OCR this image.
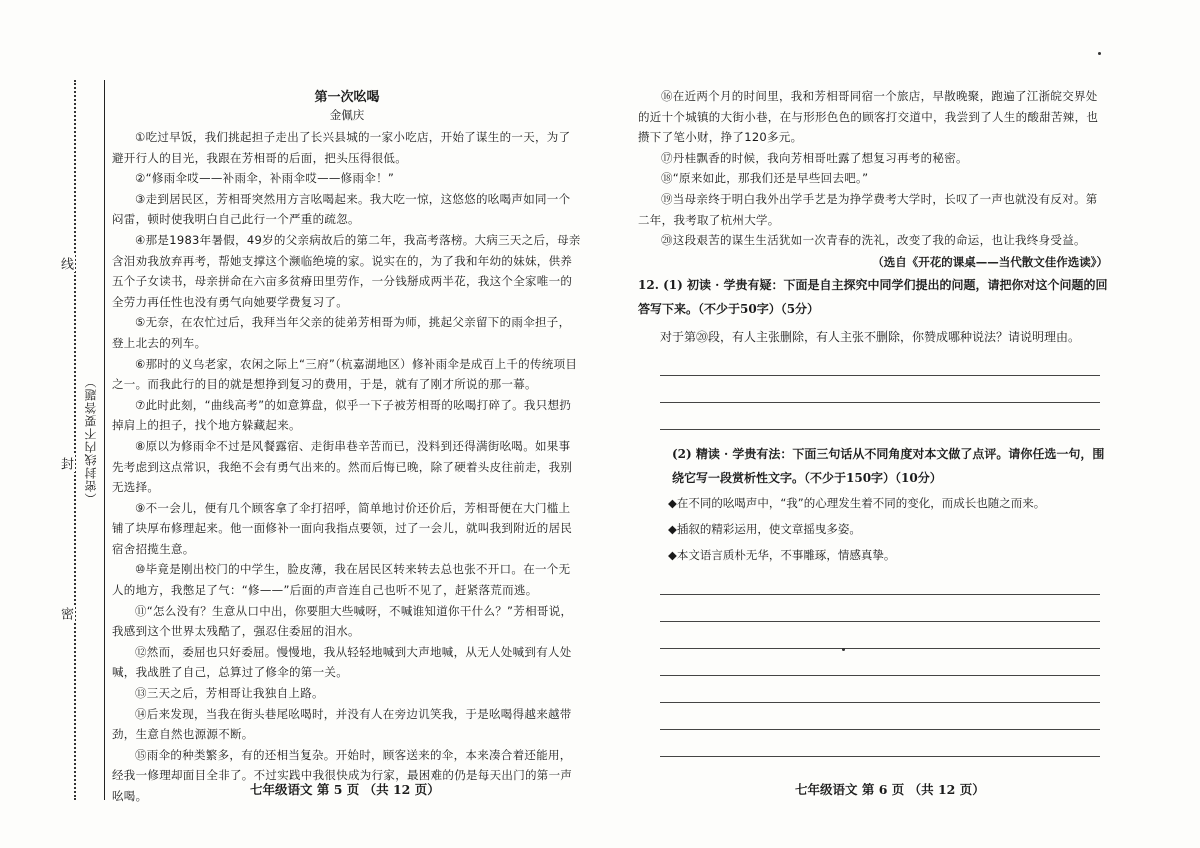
线
封
密
（密封线内不要答题）
第一次吆喝
金佩庆

①吃过早饭，我们挑起担子走出了长兴县城的一家小吃店，开始了谋生的一天，为了避开行人的目光，我跟在芳相哥的后面，把头压得很低。

②“修雨伞哎——补雨伞，补雨伞哎——修雨伞！”

③走到居民区，芳相哥突然用方言吆喝起来。我大吃一惊，这悠悠的吆喝声如同一个闷雷，顿时使我明白自己此行一个严重的疏忽。

④那是1983年暑假，49岁的父亲病故后的第二年，我高考落榜。大病三天之后，母亲含泪劝我放弃再考，帮她支撑这个濒临绝境的家。说实在的，为了我和年幼的妹妹，供养五个子女读书，母亲拼命在六亩多贫瘠田里劳作，一分钱掰成两半花，我这个全家唯一的全劳力再任性也没有勇气向她要学费复习了。

⑤无奈，在农忙过后，我拜当年父亲的徒弟芳相哥为师，挑起父亲留下的雨伞担子，登上北去的列车。

⑥那时的义乌老家，农闲之际上“三府”（杭嘉湖地区）修补雨伞是成百上千的传统项目之一。而我此行的目的就是想挣到复习的费用，于是，就有了刚才所说的那一幕。

⑦此时此刻，“曲线高考”的如意算盘，似乎一下子被芳相哥的吆喝打碎了。我只想扔掉肩上的担子，找个地方躲藏起来。

⑧原以为修雨伞不过是风餐露宿、走街串巷辛苦而已，没料到还得满街吆喝。如果事先考虑到这点常识，我绝不会有勇气出来的。然而后悔已晚，除了硬着头皮往前走，我别无选择。

⑨不一会儿，便有几个顾客拿了伞打招呼，简单地讨价还价后，芳相哥便在大门槛上铺了块厚布修理起来。他一面修补一面向我指点要领，过了一会儿，就叫我到附近的居民宿舍招揽生意。

⑩毕竟是刚出校门的中学生，脸皮薄，我在居民区转来转去总也张不开口。在一个无人的地方，我憋足了气：“修——”后面的声音连自己也听不见了，赶紧落荒而逃。

⑪“怎么没有？生意从口中出，你要胆大些喊呀，不喊谁知道你干什么？”芳相哥说，我感到这个世界太残酷了，强忍住委屈的泪水。

⑫然而，委屈也只好委屈。慢慢地，我从轻轻地喊到大声地喊，从无人处喊到有人处喊，我战胜了自己，总算过了修伞的第一关。

⑬三天之后，芳相哥让我独自上路。

⑭后来发现，当我在街头巷尾吆喝时，并没有人在旁边讥笑我，于是吆喝得越来越带劲，生意自然也源源不断。

⑮雨伞的种类繁多，有的还相当复杂。开始时，顾客送来的伞，本来凑合着还能用，经我一修理却面目全非了。不过实践中我很快成为行家，最困难的仍是每天出门的第一声吆喝。	七年级语文 第 5 页 （共 12 页）

⑯在近两个月的时间里，我和芳相哥同宿一个旅店，早散晚聚，跑遍了江浙皖交界处的近十个城镇的大街小巷，在与形形色色的顾客打交道中，我尝到了人生的酸甜苦辣，也攒下了笔小财，挣了120多元。

⑰丹桂飘香的时候，我向芳相哥吐露了想复习再考的秘密。

⑱“原来如此，那我们还是早些回去吧。”

⑲当母亲终于明白我外出学手艺是为挣学费考大学时，长叹了一声也就没有反对。第二年，我考取了杭州大学。

⑳这段艰苦的谋生生活犹如一次青春的洗礼，改变了我的命运，也让我终身受益。

（选自《开花的课桌——当代散文佳作选读》）

12. (1) 初读 · 学贵有疑：下面是自主探究中同学们提出的问题，请把你对这个问题的回答写下来。（不少于50字）（5分）

对于第⑳段，有人主张删除，有人主张不删除，你赞成哪种说法？请说明理由。

(2) 精读 · 学贵有法：下面三句话从不同角度对本文做了点评。请你任选一句，围绕它写一段赏析性文字。（不少于150字）（10分）

◆在不同的吆喝声中，“我”的心理发生着不同的变化，而成长也随之而来。

◆插叙的精彩运用，使文章摇曳多姿。

◆本文语言质朴无华，不事雕琢，情感真挚。

七年级语文 第 6 页 （共 12 页）
